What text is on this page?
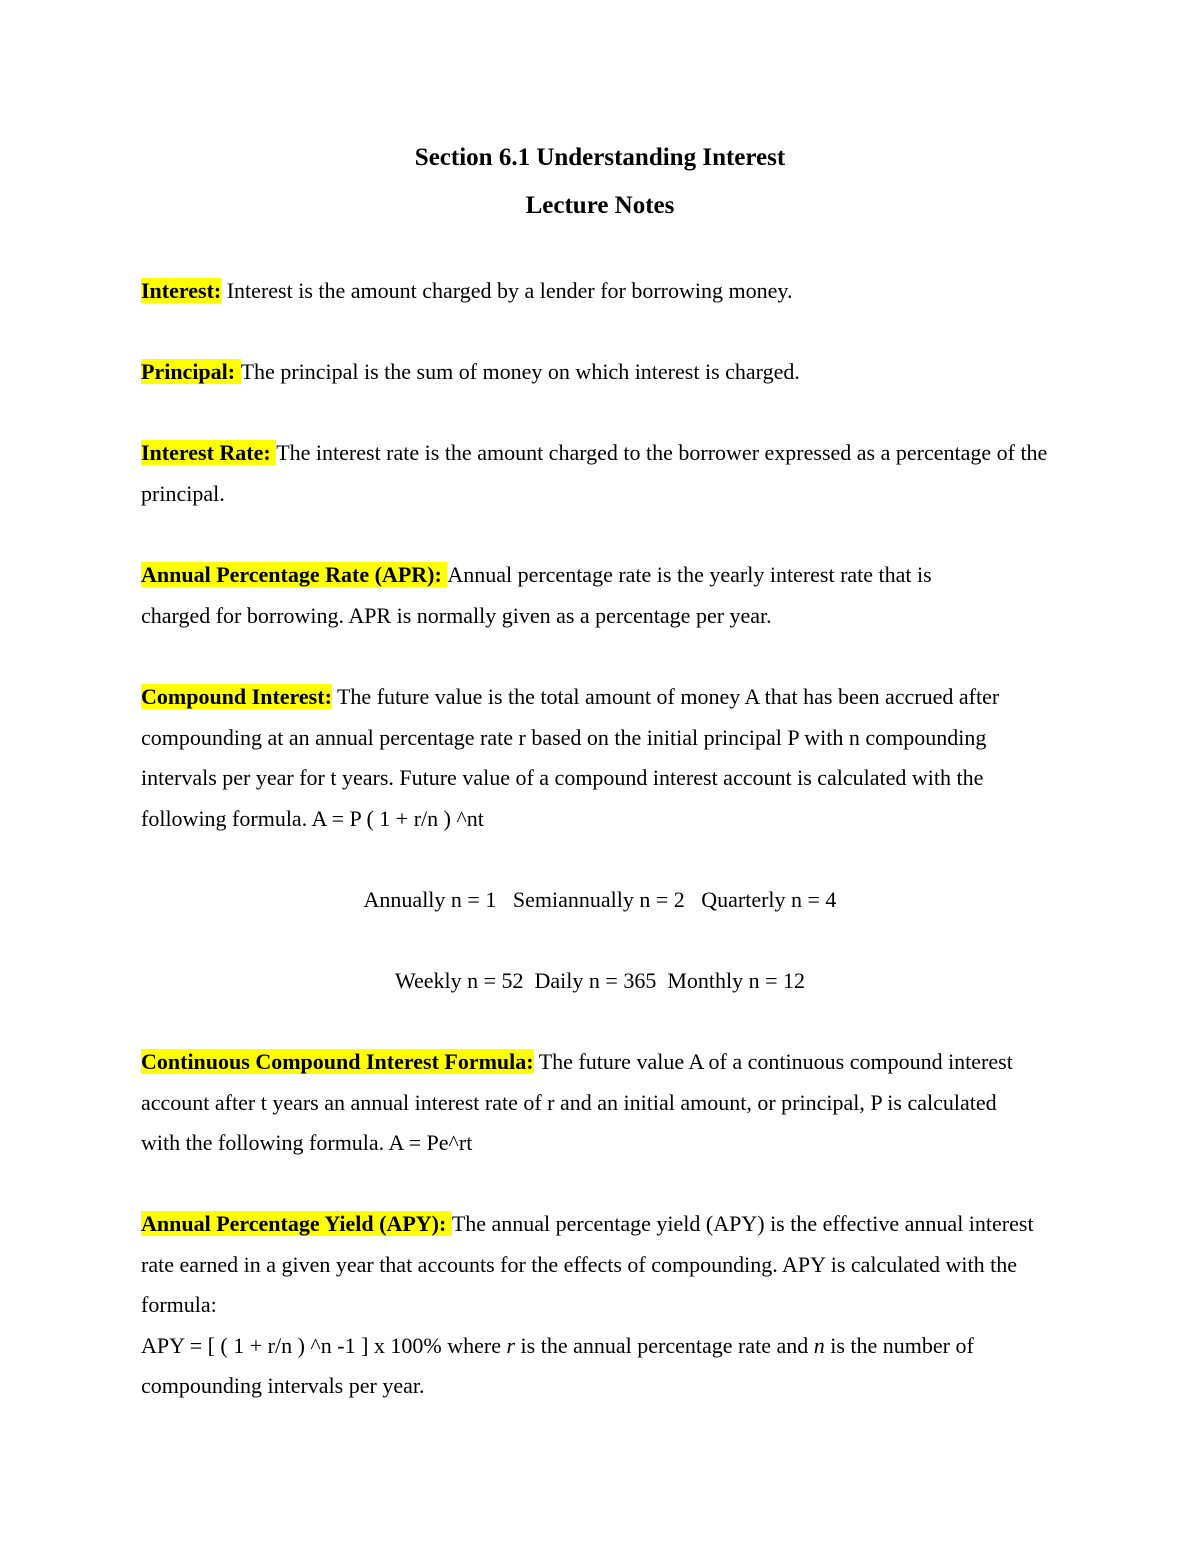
Section 6.1 Understanding Interest
Lecture Notes
Interest: Interest is the amount charged by a lender for borrowing money.
Principal: The principal is the sum of money on which interest is charged.
Interest Rate: The interest rate is the amount charged to the borrower expressed as a percentage of the principal.
Annual Percentage Rate (APR): Annual percentage rate is the yearly interest rate that is charged for borrowing. APR is normally given as a percentage per year.
Compound Interest: The future value is the total amount of money A that has been accrued after compounding at an annual percentage rate r based on the initial principal P with n compounding intervals per year for t years. Future value of a compound interest account is calculated with the following formula. A = P ( 1 + r/n ) ^nt
Annually n = 1 Semiannually n = 2 Quarterly n = 4
Weekly n = 52 Daily n = 365 Monthly n = 12
Continuous Compound Interest Formula: The future value A of a continuous compound interest account after t years an annual interest rate of r and an initial amount, or principal, P is calculated with the following formula. A = Pe^rt
Annual Percentage Yield (APY): The annual percentage yield (APY) is the effective annual interest rate earned in a given year that accounts for the effects of compounding. APY is calculated with the formula:
APY = [ ( 1 + r/n ) ^n -1 ] x 100% where r is the annual percentage rate and n is the number of compounding intervals per year.
